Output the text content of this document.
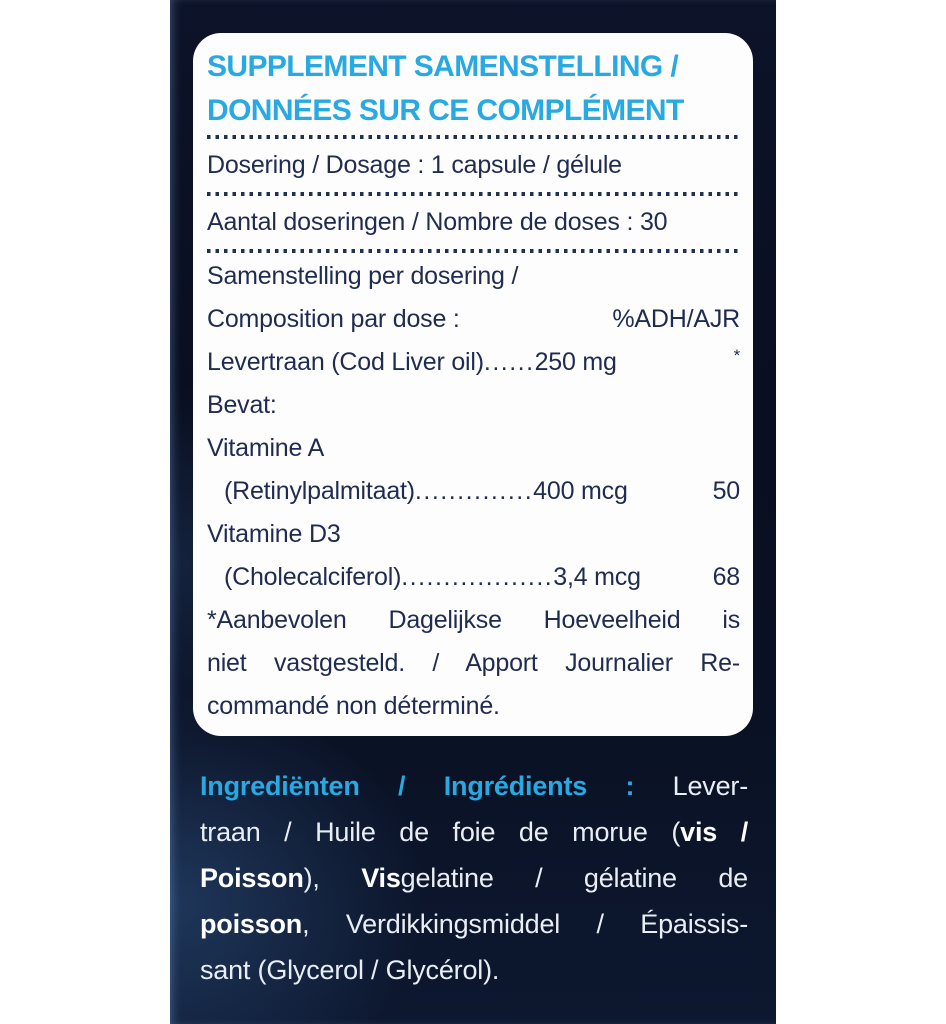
SUPPLEMENT SAMENSTELLING /
DONNÉES SUR CE COMPLÉMENT
Dosering / Dosage : 1 capsule / gélule
Aantal doseringen / Nombre de doses : 30
Samenstelling per dosering /
Composition par dose :	%ADH/AJR
Levertraan (Cod Liver oil) ...... 250 mg	*
Bevat:
Vitamine A
(Retinylpalmitaat) .............. 400 mcg	50
Vitamine D3
(Cholecalciferol) .................. 3,4 mcg	68
*Aanbevolen Dagelijkse Hoeveelheid is
niet vastgesteld. / Apport Journalier Re-
commandé non déterminé.
Ingrediënten / Ingrédients : Lever-
traan / Huile de foie de morue (vis /
Poisson), Visgelatine / gélatine de
poisson, Verdikkingsmiddel / Épaissis-
sant (Glycerol / Glycérol).
